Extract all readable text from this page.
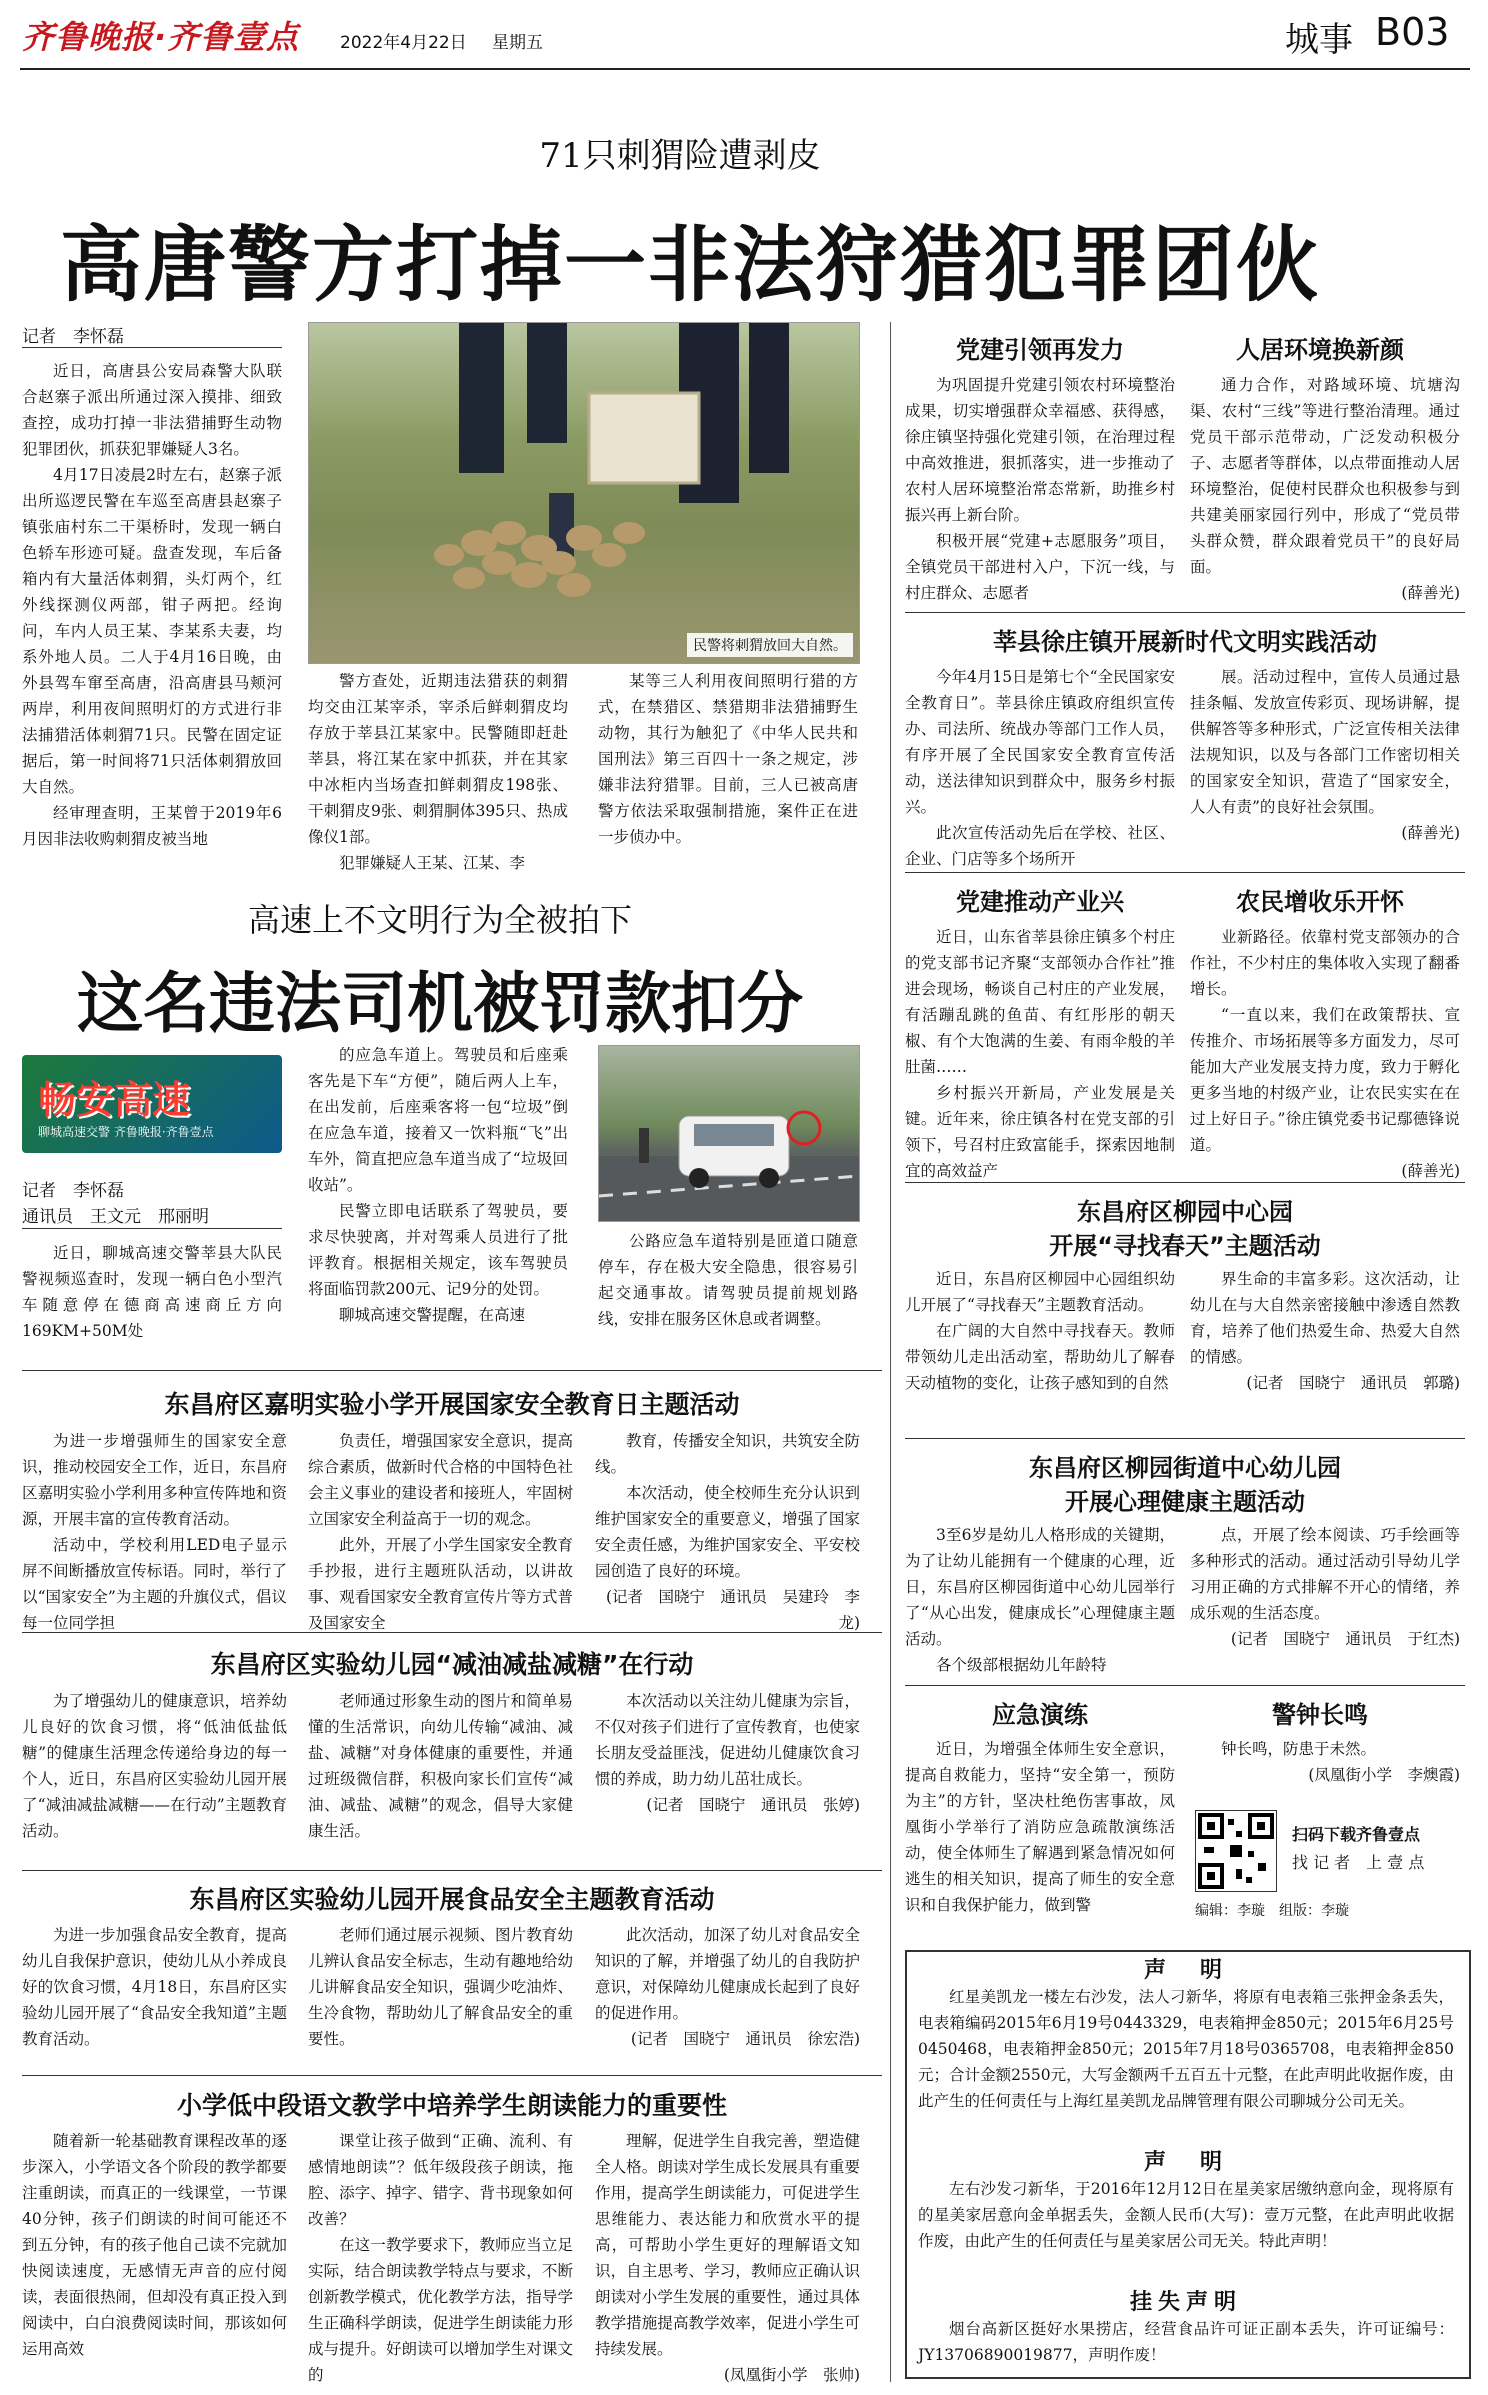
齐鲁晚报·齐鲁壹点 2022年4月22日 星期五	城事 B03
71只刺猬险遭剥皮
高唐警方打掉一非法狩猎犯罪团伙
记者　李怀磊

近日，高唐县公安局森警大队联合赵寨子派出所通过深入摸排、细致查控，成功打掉一非法猎捕野生动物犯罪团伙，抓获犯罪嫌疑人3名。

4月17日凌晨2时左右，赵寨子派出所巡逻民警在车巡至高唐县赵寨子镇张庙村东二干渠桥时，发现一辆白色轿车形迹可疑。盘查发现，车后备箱内有大量活体刺猬，头灯两个，红外线探测仪两部，钳子两把。经询问，车内人员王某、李某系夫妻，均系外地人员。二人于4月16日晚，由外县驾车窜至高唐，沿高唐县马颊河两岸，利用夜间照明灯的方式进行非法捕猎活体刺猬71只。民警在固定证据后，第一时间将71只活体刺猬放回大自然。

经审理查明，王某曾于2019年6月因非法收购刺猬皮被当地

民警将刺猬放回大自然。

警方查处，近期违法猎获的刺猬均交由江某宰杀，宰杀后鲜刺猬皮均存放于莘县江某家中。民警随即赶赴莘县，将江某在家中抓获，并在其家中冰柜内当场查扣鲜刺猬皮198张、干刺猬皮9张、刺猬胴体395只、热成像仪1部。

犯罪嫌疑人王某、江某、李

某等三人利用夜间照明行猎的方式，在禁猎区、禁猎期非法猎捕野生动物，其行为触犯了《中华人民共和国刑法》第三百四十一条之规定，涉嫌非法狩猎罪。目前，三人已被高唐警方依法采取强制措施，案件正在进一步侦办中。

高速上不文明行为全被拍下
这名违法司机被罚款扣分
畅安高速
聊城高速交警 齐鲁晚报·齐鲁壹点
记者　李怀磊
通讯员　王文元　邢丽明

近日，聊城高速交警莘县大队民警视频巡查时，发现一辆白色小型汽车随意停在德商高速商丘方向169KM+50M处

的应急车道上。驾驶员和后座乘客先是下车“方便”，随后两人上车，在出发前，后座乘客将一包“垃圾”倒在应急车道，接着又一饮料瓶“飞”出车外，简直把应急车道当成了“垃圾回收站”。

民警立即电话联系了驾驶员，要求尽快驶离，并对驾乘人员进行了批评教育。根据相关规定，该车驾驶员将面临罚款200元、记9分的处罚。

聊城高速交警提醒，在高速

公路应急车道特别是匝道口随意停车，存在极大安全隐患，很容易引起交通事故。请驾驶员提前规划路线，安排在服务区休息或者调整。

东昌府区嘉明实验小学开展国家安全教育日主题活动

为进一步增强师生的国家安全意识，推动校园安全工作，近日，东昌府区嘉明实验小学利用多种宣传阵地和资源，开展丰富的宣传教育活动。

活动中，学校利用LED电子显示屏不间断播放宣传标语。同时，举行了以“国家安全”为主题的升旗仪式，倡议每一位同学担

负责任，增强国家安全意识，提高综合素质，做新时代合格的中国特色社会主义事业的建设者和接班人，牢固树立国家安全利益高于一切的观念。

此外，开展了小学生国家安全教育手抄报，进行主题班队活动，以讲故事、观看国家安全教育宣传片等方式普及国家安全

教育，传播安全知识，共筑安全防线。

本次活动，使全校师生充分认识到维护国家安全的重要意义，增强了国家安全责任感，为维护国家安全、平安校园创造了良好的环境。

(记者　国晓宁　通讯员　吴建玲　李龙)

东昌府区实验幼儿园“减油减盐减糖”在行动

为了增强幼儿的健康意识，培养幼儿良好的饮食习惯，将“低油低盐低糖”的健康生活理念传递给身边的每一个人，近日，东昌府区实验幼儿园开展了“减油减盐减糖——在行动”主题教育活动。

老师通过形象生动的图片和简单易懂的生活常识，向幼儿传输“减油、减盐、减糖”对身体健康的重要性，并通过班级微信群，积极向家长们宣传“减油、减盐、减糖”的观念，倡导大家健康生活。

本次活动以关注幼儿健康为宗旨，不仅对孩子们进行了宣传教育，也使家长朋友受益匪浅，促进幼儿健康饮食习惯的养成，助力幼儿茁壮成长。

(记者　国晓宁　通讯员　张婷)

东昌府区实验幼儿园开展食品安全主题教育活动

为进一步加强食品安全教育，提高幼儿自我保护意识，使幼儿从小养成良好的饮食习惯，4月18日，东昌府区实验幼儿园开展了“食品安全我知道”主题教育活动。

老师们通过展示视频、图片教育幼儿辨认食品安全标志，生动有趣地给幼儿讲解食品安全知识，强调少吃油炸、生冷食物，帮助幼儿了解食品安全的重要性。

此次活动，加深了幼儿对食品安全知识的了解，并增强了幼儿的自我防护意识，对保障幼儿健康成长起到了良好的促进作用。

(记者　国晓宁　通讯员　徐宏浩)

小学低中段语文教学中培养学生朗读能力的重要性

随着新一轮基础教育课程改革的逐步深入，小学语文各个阶段的教学都要注重朗读，而真正的一线课堂，一节课40分钟，孩子们朗读的时间可能还不到五分钟，有的孩子他自己读不完就加快阅读速度，无感情无声音的应付阅读，表面很热闹，但却没有真正投入到阅读中，白白浪费阅读时间，那该如何运用高效

课堂让孩子做到“正确、流利、有感情地朗读”？低年级段孩子朗读，拖腔、添字、掉字、错字、背书现象如何改善？

在这一教学要求下，教师应当立足实际，结合朗读教学特点与要求，不断创新教学模式，优化教学方法，指导学生正确科学朗读，促进学生朗读能力形成与提升。好朗读可以增加学生对课文的

理解，促进学生自我完善，塑造健全人格。朗读对学生成长发展具有重要作用，提高学生朗读能力，可促进学生思维能力、表达能力和欣赏水平的提高，可帮助小学生更好的理解语文知识，自主思考、学习，教师应正确认识朗读对小学生发展的重要性，通过具体教学措施提高教学效率，促进小学生可持续发展。

(凤凰街小学　张帅)

党建引领再发力	人居环境换新颜

为巩固提升党建引领农村环境整治成果，切实增强群众幸福感、获得感，徐庄镇坚持强化党建引领，在治理过程中高效推进，狠抓落实，进一步推动了农村人居环境整治常态常新，助推乡村振兴再上新台阶。

积极开展“党建+志愿服务”项目，全镇党员干部进村入户，下沉一线，与村庄群众、志愿者

通力合作，对路域环境、坑塘沟渠、农村“三线”等进行整治清理。通过党员干部示范带动，广泛发动积极分子、志愿者等群体，以点带面推动人居环境整治，促使村民群众也积极参与到共建美丽家园行列中，形成了“党员带头群众赞，群众跟着党员干”的良好局面。

(薛善光)

莘县徐庄镇开展新时代文明实践活动

今年4月15日是第七个“全民国家安全教育日”。莘县徐庄镇政府组织宣传办、司法所、统战办等部门工作人员，有序开展了全民国家安全教育宣传活动，送法律知识到群众中，服务乡村振兴。

此次宣传活动先后在学校、社区、企业、门店等多个场所开

展。活动过程中，宣传人员通过悬挂条幅、发放宣传彩页、现场讲解，提供解答等多种形式，广泛宣传相关法律法规知识，以及与各部门工作密切相关的国家安全知识，营造了“国家安全，人人有责”的良好社会氛围。

(薛善光)

党建推动产业兴	农民增收乐开怀

近日，山东省莘县徐庄镇多个村庄的党支部书记齐聚“支部领办合作社”推进会现场，畅谈自己村庄的产业发展，有活蹦乱跳的鱼苗、有红彤彤的朝天椒、有个大饱满的生姜、有雨伞般的羊肚菌……

乡村振兴开新局，产业发展是关键。近年来，徐庄镇各村在党支部的引领下，号召村庄致富能手，探索因地制宜的高效益产

业新路径。依靠村党支部领办的合作社，不少村庄的集体收入实现了翻番增长。

“一直以来，我们在政策帮扶、宣传推介、市场拓展等多方面发力，尽可能加大产业发展支持力度，致力于孵化更多当地的村级产业，让农民实实在在过上好日子。”徐庄镇党委书记鄢德锋说道。

(薛善光)

东昌府区柳园中心园
开展“寻找春天”主题活动

近日，东昌府区柳园中心园组织幼儿开展了“寻找春天”主题教育活动。

在广阔的大自然中寻找春天。教师带领幼儿走出活动室，帮助幼儿了解春天动植物的变化，让孩子感知到的自然

界生命的丰富多彩。这次活动，让幼儿在与大自然亲密接触中渗透自然教育，培养了他们热爱生命、热爱大自然的情感。

(记者　国晓宁　通讯员　郭璐)

东昌府区柳园街道中心幼儿园
开展心理健康主题活动

3至6岁是幼儿人格形成的关键期，为了让幼儿能拥有一个健康的心理，近日，东昌府区柳园街道中心幼儿园举行了“从心出发，健康成长”心理健康主题活动。

各个级部根据幼儿年龄特

点，开展了绘本阅读、巧手绘画等多种形式的活动。通过活动引导幼儿学习用正确的方式排解不开心的情绪，养成乐观的生活态度。

(记者　国晓宁　通讯员　于红杰)

应急演练	警钟长鸣

近日，为增强全体师生安全意识，提高自救能力，坚持“安全第一，预防为主”的方针，坚决杜绝伤害事故，凤凰街小学举行了消防应急疏散演练活动，使全体师生了解遇到紧急情况如何逃生的相关知识，提高了师生的安全意识和自我保护能力，做到警

钟长鸣，防患于未然。

(凤凰街小学　李燠霞)

扫码下载齐鲁壹点
找 记 者　上 壹 点
编辑：李璇　组版：李璇
声　明

红星美凯龙一楼左右沙发，法人刁新华，将原有电表箱三张押金条丢失，电表箱编码2015年6月19号0443329，电表箱押金850元；2015年6月25号0450468，电表箱押金850元；2015年7月18号0365708，电表箱押金850元；合计金额2550元，大写金额两千五百五十元整，在此声明此收据作废，由此产生的任何责任与上海红星美凯龙品牌管理有限公司聊城分公司无关。

声　明

左右沙发刁新华，于2016年12月12日在星美家居缴纳意向金，现将原有的星美家居意向金单据丢失，金额人民币(大写)：壹万元整，在此声明此收据作废，由此产生的任何责任与星美家居公司无关。特此声明！

挂失声明

烟台高新区挺好水果捞店，经营食品许可证正副本丢失，许可证编号：JY13706890019877，声明作废！
